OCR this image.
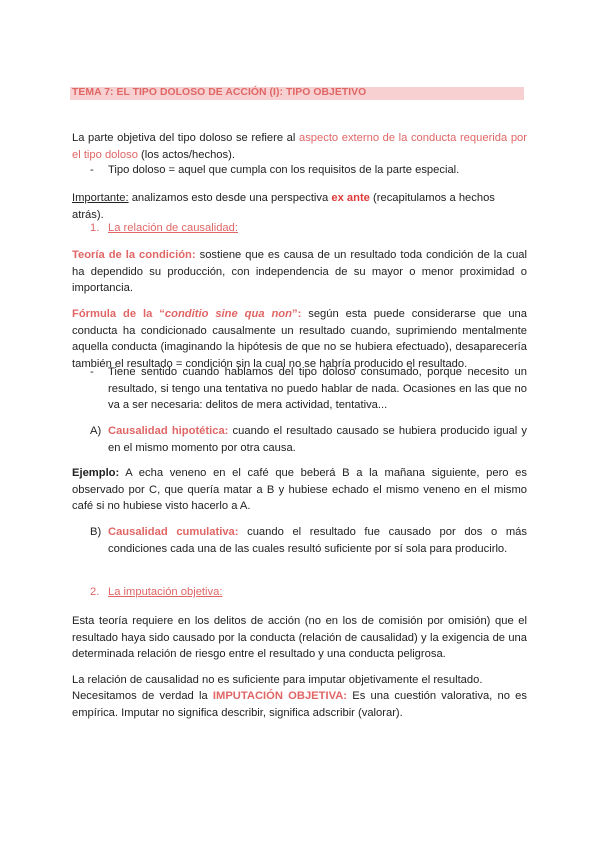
TEMA 7: EL TIPO DOLOSO DE ACCIÓN (I): TIPO OBJETIVO
La parte objetiva del tipo doloso se refiere al aspecto externo de la conducta requerida por el tipo doloso (los actos/hechos).
- Tipo doloso = aquel que cumpla con los requisitos de la parte especial.
Importante: analizamos esto desde una perspectiva ex ante (recapitulamos a hechos atrás).
1. La relación de causalidad:
Teoría de la condición: sostiene que es causa de un resultado toda condición de la cual ha dependido su producción, con independencia de su mayor o menor proximidad o importancia.
Fórmula de la “conditio sine qua non”: según esta puede considerarse que una conducta ha condicionado causalmente un resultado cuando, suprimiendo mentalmente aquella conducta (imaginando la hipótesis de que no se hubiera efectuado), desaparecería también el resultado = condición sin la cual no se habría producido el resultado.
- Tiene sentido cuando hablamos del tipo doloso consumado, porque necesito un resultado, si tengo una tentativa no puedo hablar de nada. Ocasiones en las que no va a ser necesaria: delitos de mera actividad, tentativa...
A) Causalidad hipotética: cuando el resultado causado se hubiera producido igual y en el mismo momento por otra causa.
Ejemplo: A echa veneno en el café que beberá B a la mañana siguiente, pero es observado por C, que quería matar a B y hubiese echado el mismo veneno en el mismo café si no hubiese visto hacerlo a A.
B) Causalidad cumulativa: cuando el resultado fue causado por dos o más condiciones cada una de las cuales resultó suficiente por sí sola para producirlo.
2. La imputación objetiva:
Esta teoría requiere en los delitos de acción (no en los de comisión por omisión) que el resultado haya sido causado por la conducta (relación de causalidad) y la exigencia de una determinada relación de riesgo entre el resultado y una conducta peligrosa.
La relación de causalidad no es suficiente para imputar objetivamente el resultado.
Necesitamos de verdad la IMPUTACIÓN OBJETIVA: Es una cuestión valorativa, no es empírica. Imputar no significa describir, significa adscribir (valorar).
